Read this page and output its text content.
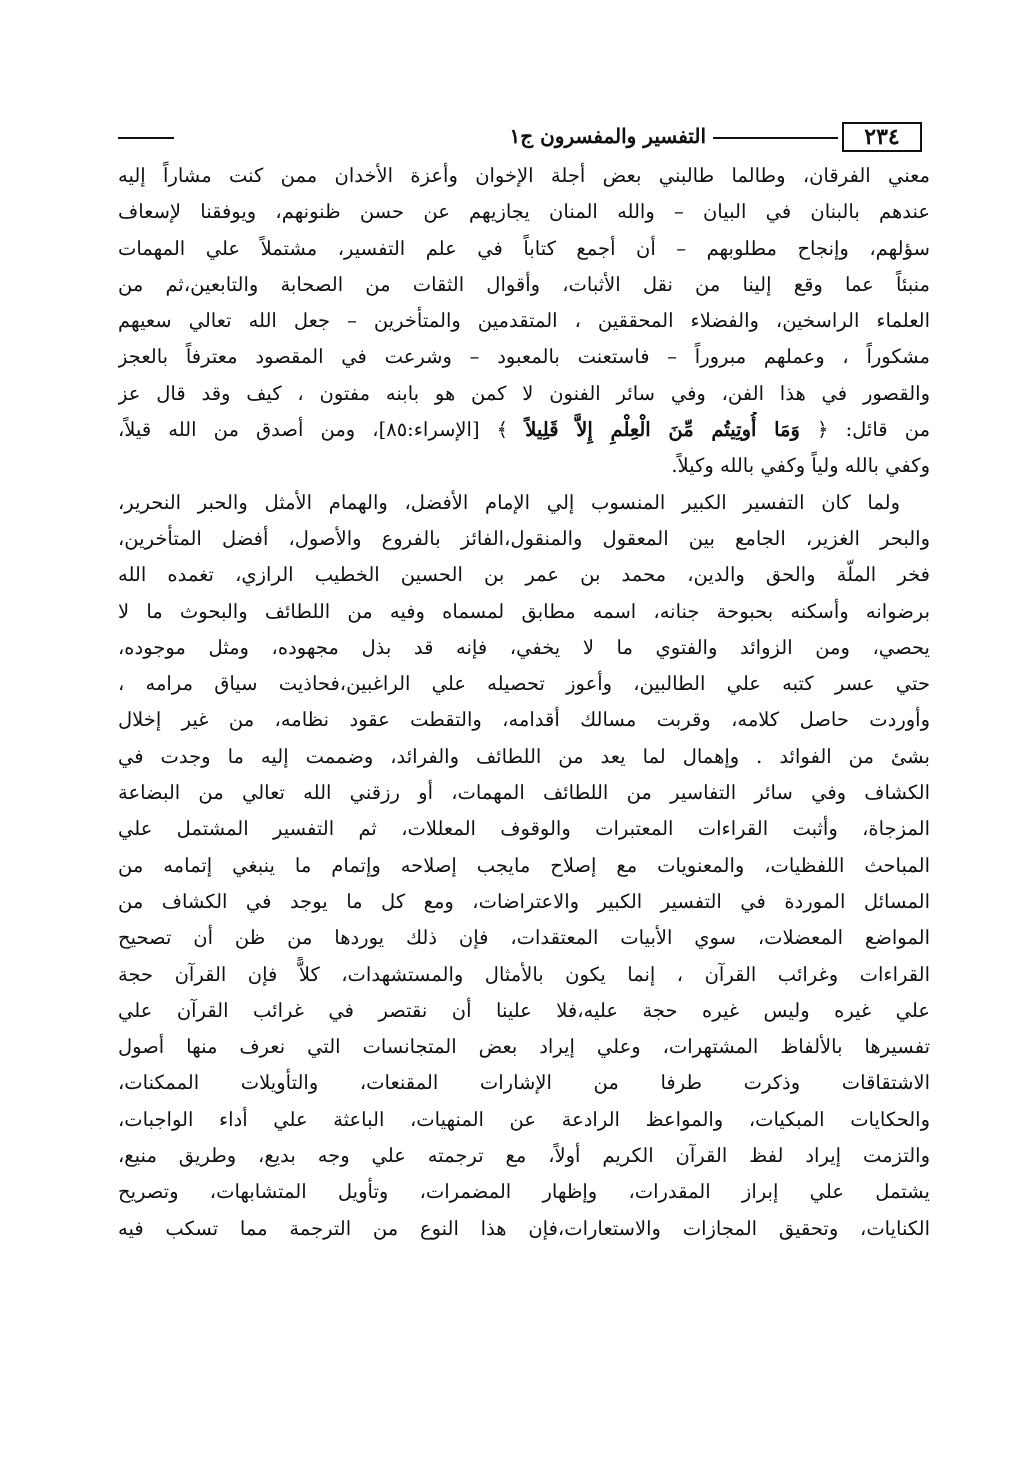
التفسير والمفسرون ج١	٢٣٤
معني الفرقان، وطالما طالبني بعض أجلة الإخوان وأعزة الأخدان ممن كنت مشاراً إليه
عندهم بالبنان في البيان – والله المنان يجازيهم عن حسن ظنونهم، ويوفقنا لإسعاف
سؤلهم، وإنجاح مطلوبهم – أن أجمع كتاباً في علم التفسير، مشتملاً علي المهمات
منبئاً عما وقع إلينا من نقل الأثبات، وأقوال الثقات من الصحابة والتابعين،ثم من
العلماء الراسخين، والفضلاء المحققين ، المتقدمين والمتأخرين – جعل الله تعالي سعيهم
مشكوراً ، وعملهم مبروراً – فاستعنت بالمعبود – وشرعت في المقصود معترفاً بالعجز
والقصور في هذا الفن، وفي سائر الفنون لا كمن هو بابنه مفتون ، كيف وقد قال عز
من قائل: ﴿ وَمَا أُوتِيتُم مِّنَ الْعِلْمِ إِلاَّ قَلِيلاً ﴾ [الإسراء:٨٥]، ومن أصدق من الله قيلاً،
وكفي بالله ولياً وكفي بالله وكيلاً.
ولما كان التفسير الكبير المنسوب إلي الإمام الأفضل، والهمام الأمثل والحبر النحرير،
والبحر الغزير، الجامع بين المعقول والمنقول،الفائز بالفروع والأصول، أفضل المتأخرين،
فخر الملّة والحق والدين، محمد بن عمر بن الحسين الخطيب الرازي، تغمده الله
برضوانه وأسكنه بحبوحة جنانه، اسمه مطابق لمسماه وفيه من اللطائف والبحوث ما لا
يحصي، ومن الزوائد والفتوي ما لا يخفي، فإنه قد بذل مجهوده، ومثل موجوده،
حتي عسر كتبه علي الطالبين، وأعوز تحصيله علي الراغبين،فحاذيت سياق مرامه ،
وأوردت حاصل كلامه، وقربت مسالك أقدامه، والتقطت عقود نظامه، من غير إخلال
بشئ من الفوائد . وإهمال لما يعد من اللطائف والفرائد، وضممت إليه ما وجدت في
الكشاف وفي سائر التفاسير من اللطائف المهمات، أو رزقني الله تعالي من البضاعة
المزجاة، وأثبت القراءات المعتبرات والوقوف المعللات، ثم التفسير المشتمل علي
المباحث اللفظيات، والمعنويات مع إصلاح مايجب إصلاحه وإتمام ما ينبغي إتمامه من
المسائل الموردة في التفسير الكبير والاعتراضات، ومع كل ما يوجد في الكشاف من
المواضع المعضلات، سوي الأبيات المعتقدات، فإن ذلك يوردها من ظن أن تصحيح
القراءات وغرائب القرآن ، إنما يكون بالأمثال والمستشهدات، كلاًّ فإن القرآن حجة
علي غيره وليس غيره حجة عليه،فلا علينا أن نقتصر في غرائب القرآن علي
تفسيرها بالألفاظ المشتهرات، وعلي إيراد بعض المتجانسات التي نعرف منها أصول
الاشتقاقات وذكرت طرفا من الإشارات المقنعات، والتأويلات الممكنات،
والحكايات المبكيات، والمواعظ الرادعة عن المنهيات، الباعثة علي أداء الواجبات،
والتزمت إيراد لفظ القرآن الكريم أولاً، مع ترجمته علي وجه بديع، وطريق منيع،
يشتمل علي إبراز المقدرات، وإظهار المضمرات، وتأويل المتشابهات، وتصريح
الكنايات، وتحقيق المجازات والاستعارات،فإن هذا النوع من الترجمة مما تسكب فيه
